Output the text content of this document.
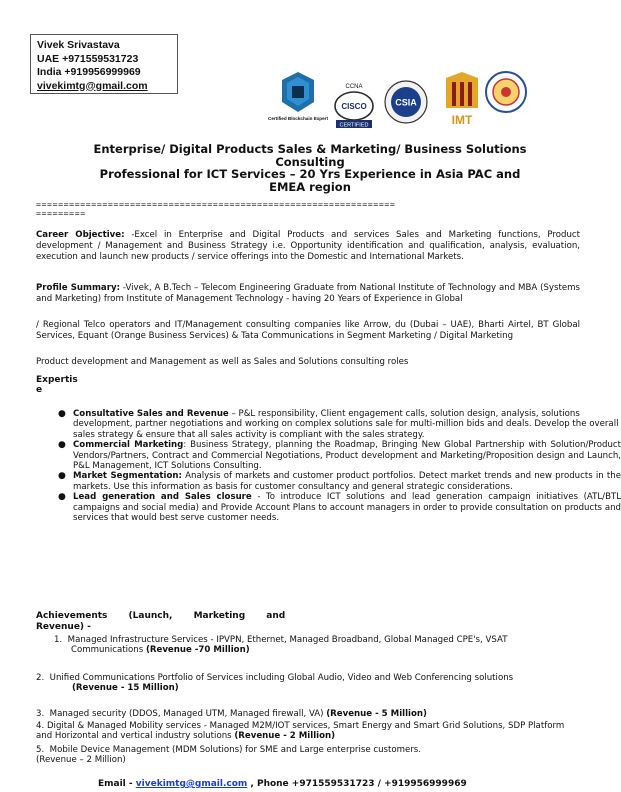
Vivek Srivastava
UAE +971559531723
India +919956999969
vivekimtg@gmail.com
Certified Blockchain Expert
CCNA
CISCO
CERTIFIED
CSIA
IMT
Enterprise/ Digital Products Sales & Marketing/ Business Solutions
Consulting
Professional for ICT Services – 20 Yrs Experience in Asia PAC and
EMEA region
=================================================================
=========
Career Objective: -Excel in Enterprise and Digital Products and services Sales and Marketing functions, Product development / Management and Business Strategy i.e. Opportunity identification and qualification, analysis, evaluation, execution and launch new products / service offerings into the Domestic and International Markets.
Profile Summary: -Vivek, A B.Tech – Telecom Engineering Graduate from National Institute of Technology and MBA (Systems and Marketing) from Institute of Management Technology - having 20 Years of Experience in Global
/ Regional Telco operators and IT/Management consulting companies like Arrow, du (Dubai – UAE), Bharti Airtel, BT Global Services, Equant (Orange Business Services) & Tata Communications in Segment Marketing / Digital Marketing
Product development and Management as well as Sales and Solutions consulting roles
Expertis
e
● Consultative Sales and Revenue – P&L responsibility, Client engagement calls, solution design, analysis, solutions development, partner negotiations and working on complex solutions sale for multi-million bids and deals. Develop the overall sales strategy & ensure that all sales activity is compliant with the sales strategy.
● Commercial Marketing: Business Strategy, planning the Roadmap, Bringing New Global Partnership with Solution/Product Vendors/Partners, Contract and Commercial Negotiations, Product development and Marketing/Proposition design and Launch, P&L Management, ICT Solutions Consulting.
● Market Segmentation: Analysis of markets and customer product portfolios. Detect market trends and new products in the markets. Use this information as basis for customer consultancy and general strategic considerations.
● Lead generation and Sales closure - To introduce ICT solutions and lead generation campaign initiatives (ATL/BTL campaigns and social media) and Provide Account Plans to account managers in order to provide consultation on products and services that would best serve customer needs.
Achievements (Launch, Marketing and
Revenue) -
1. Managed Infrastructure Services - IPVPN, Ethernet, Managed Broadband, Global Managed CPE's, VSAT
Communications (Revenue -70 Million)
2. Unified Communications Portfolio of Services including Global Audio, Video and Web Conferencing solutions
(Revenue - 15 Million)
3. Managed security (DDOS, Managed UTM, Managed firewall, VA) (Revenue - 5 Million)
4. Digital & Managed Mobility services - Managed M2M/IOT services, Smart Energy and Smart Grid Solutions, SDP Platform and Horizontal and vertical industry solutions (Revenue - 2 Million)
5. Mobile Device Management (MDM Solutions) for SME and Large enterprise customers.
(Revenue – 2 Million)
Email - vivekimtg@gmail.com , Phone +971559531723 / +919956999969
